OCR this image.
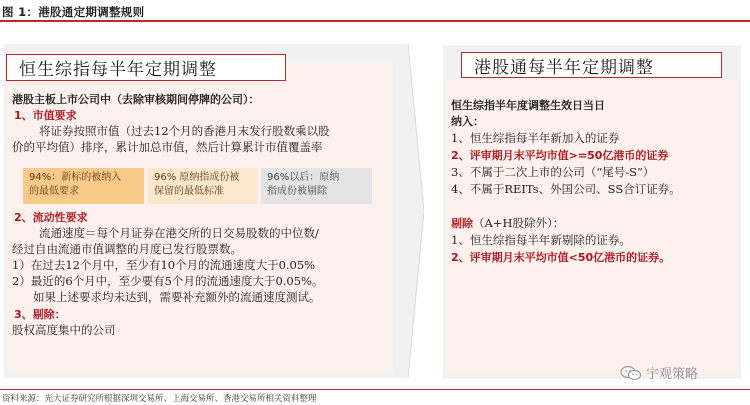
图 1：港股通定期调整规则
恒生综指每半年定期调整
港股主板上市公司中（去除审核期间停牌的公司）：
1、市值要求
将证券按照市值（过去12个月的香港月末发行股数乘以股
价的平均值）排序，累计加总市值，然后计算累计市值覆盖率
94%：新标的被纳入
的最低要求
96% 原纳指成份被
保留的最低标准
96%以后：原纳
指成份被剔除
2、流动性要求
流通速度＝每个月证券在港交所的日交易股数的中位数/
经过自由流通市值调整的月度已发行股票数。
1）在过去12个月中，至少有10个月的流通速度大于0.05%
2）最近的6个月中，至少要有5个月的流通速度大于0.05%。
如果上述要求均未达到，需要补充额外的流通速度测试。
3、剔除：
股权高度集中的公司
港股通每半年定期调整
恒生综指半年度调整生效日当日
纳入：
1、恒生综指每半年新加入的证券
2、评审期月末平均市值>=50亿港币的证券
3、不属于二次上市的公司（“尾号-S”）
4、不属于REITs、外国公司、SS合订证券。
剔除（A+H股除外）：
1、恒生综指每半年新剔除的证券。
2、评审期月末平均市值<50亿港币的证券。
宇观策略
资料来源：光大证券研究所根据深圳交易所、上海交易所、香港交易所相关资料整理
